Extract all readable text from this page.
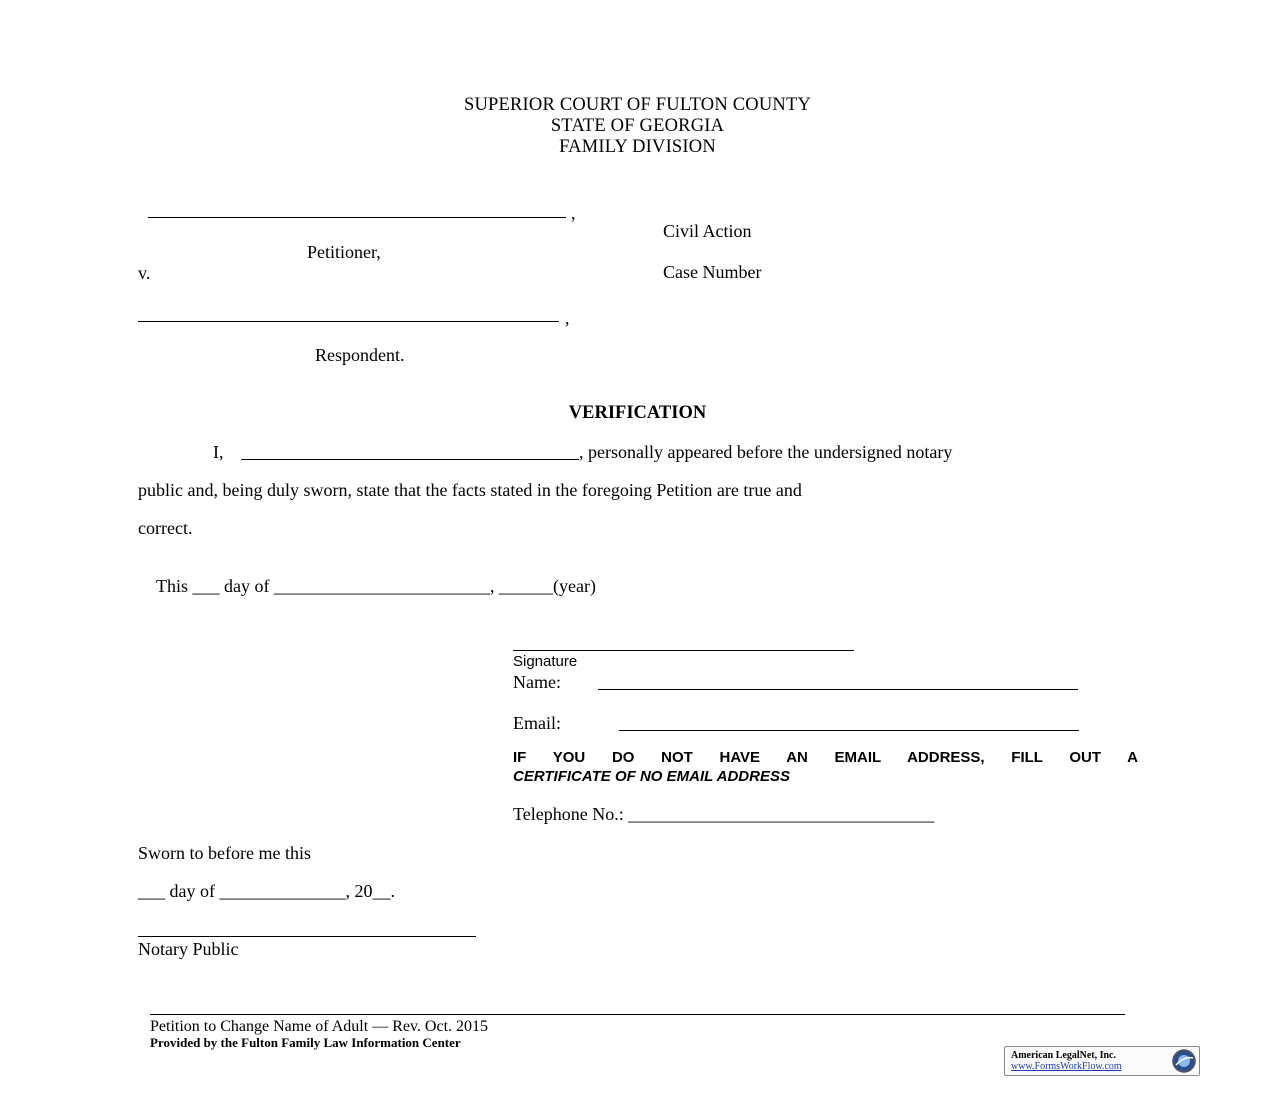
SUPERIOR COURT OF FULTON COUNTY
STATE OF GEORGIA
FAMILY DIVISION
,
Petitioner,
v.
Civil Action
Case Number
,
Respondent.
VERIFICATION
I,	, personally appeared before the undersigned notary
public and, being duly sworn, state that the facts stated in the foregoing Petition are true and
correct.
This ___ day of ________________________, ______(year)
Signature
Name:
Email:
IF YOU DO NOT HAVE AN EMAIL ADDRESS, FILL OUT A
CERTIFICATE OF NO EMAIL ADDRESS
Telephone No.: __________________________________
Sworn to before me this
___ day of ______________, 20__.
Notary Public
Petition to Change Name of Adult — Rev. Oct. 2015
Provided by the Fulton Family Law Information Center
American LegalNet, Inc.
www.FormsWorkFlow.com
